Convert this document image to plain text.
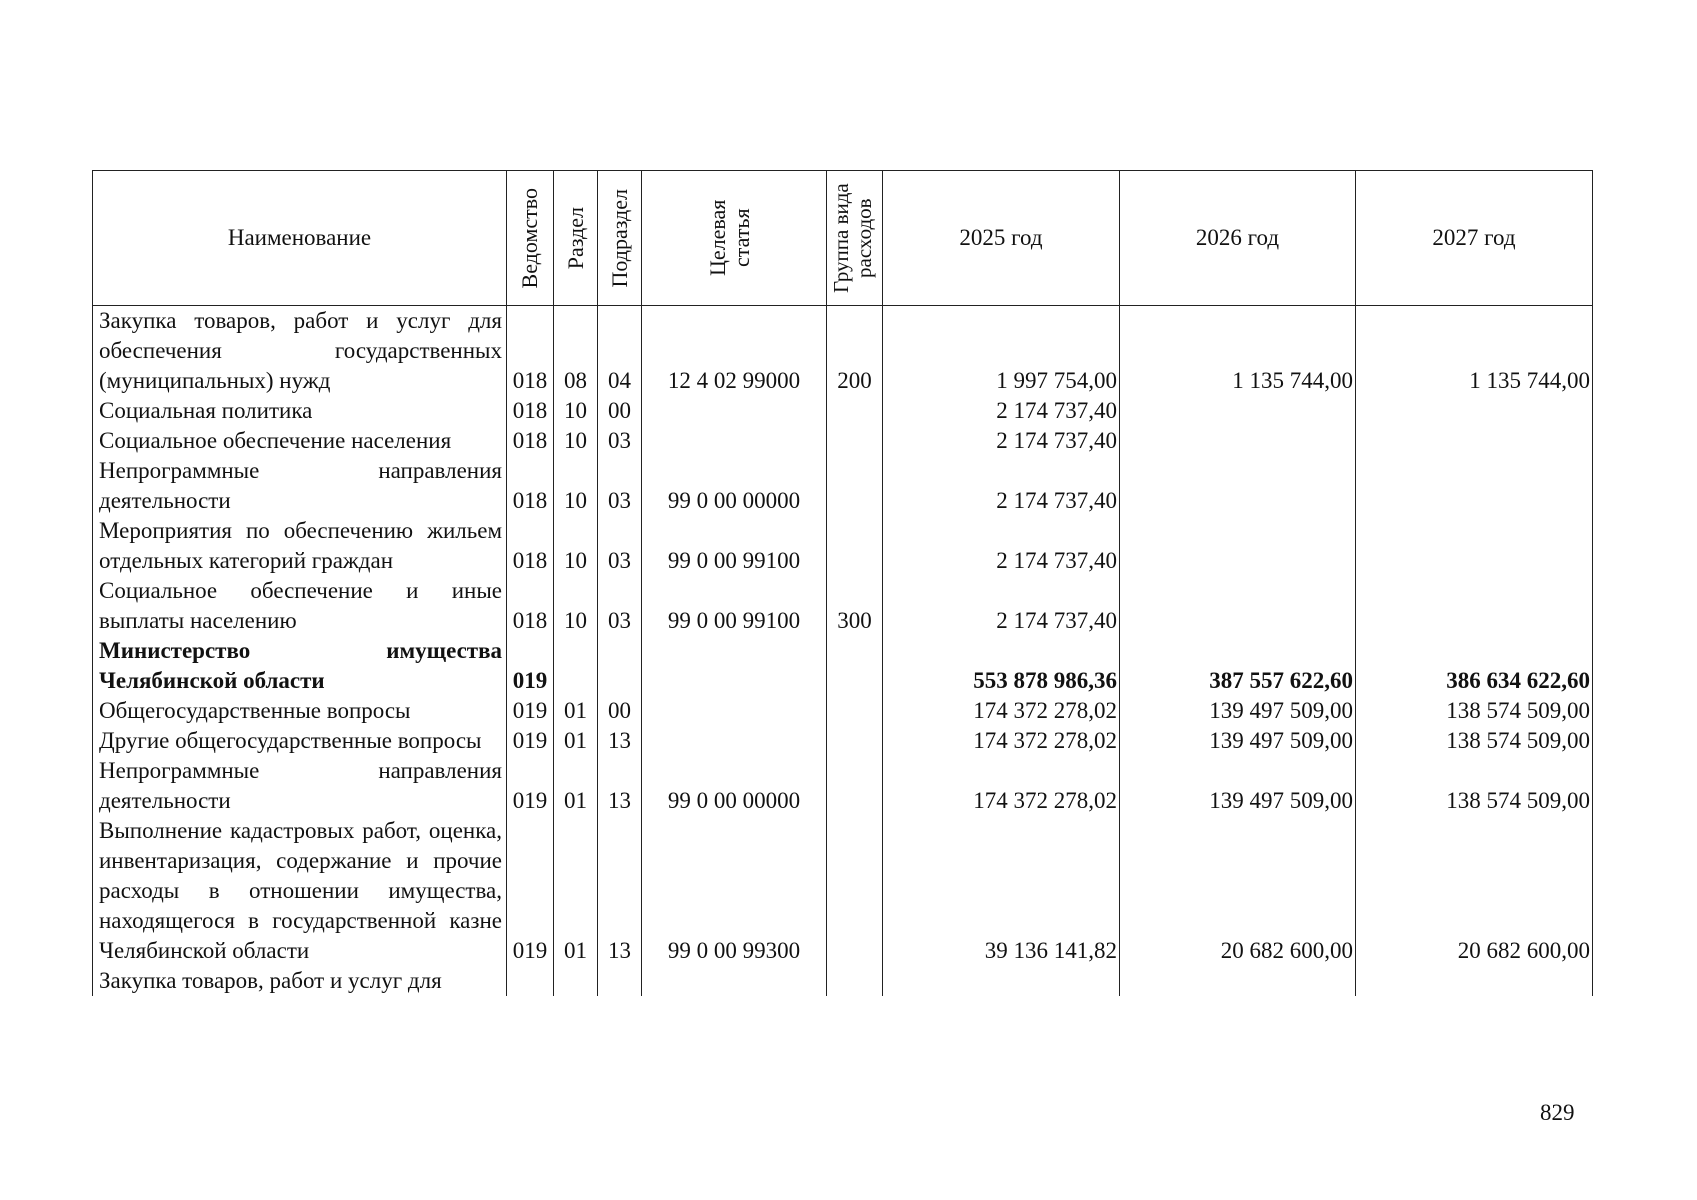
Наименование	Ведомство	Раздел	Подраздел	Целевая статья	Группа вида расходов	2025 год	2026 год	2027 год
Закупка товаров, работ и услуг для обеспечения государственных (муниципальных) нужд	018	08	04	12 4 02 99000	200	1 997 754,00	1 135 744,00	1 135 744,00
Социальная политика	018	10	00			2 174 737,40		
Социальное обеспечение населения	018	10	03			2 174 737,40		
Непрограммные направления деятельности	018	10	03	99 0 00 00000		2 174 737,40		
Мероприятия по обеспечению жильем отдельных категорий граждан	018	10	03	99 0 00 99100		2 174 737,40		
Социальное обеспечение и иные выплаты населению	018	10	03	99 0 00 99100	300	2 174 737,40		
Министерство имущества Челябинской области	019					553 878 986,36	387 557 622,60	386 634 622,60
Общегосударственные вопросы	019	01	00			174 372 278,02	139 497 509,00	138 574 509,00
Другие общегосударственные вопросы	019	01	13			174 372 278,02	139 497 509,00	138 574 509,00
Непрограммные направления деятельности	019	01	13	99 0 00 00000		174 372 278,02	139 497 509,00	138 574 509,00
Выполнение кадастровых работ, оценка, инвентаризация, содержание и прочие расходы в отношении имущества, находящегося в государственной казне Челябинской области	019	01	13	99 0 00 99300		39 136 141,82	20 682 600,00	20 682 600,00
Закупка товаров, работ и услуг для								
829
